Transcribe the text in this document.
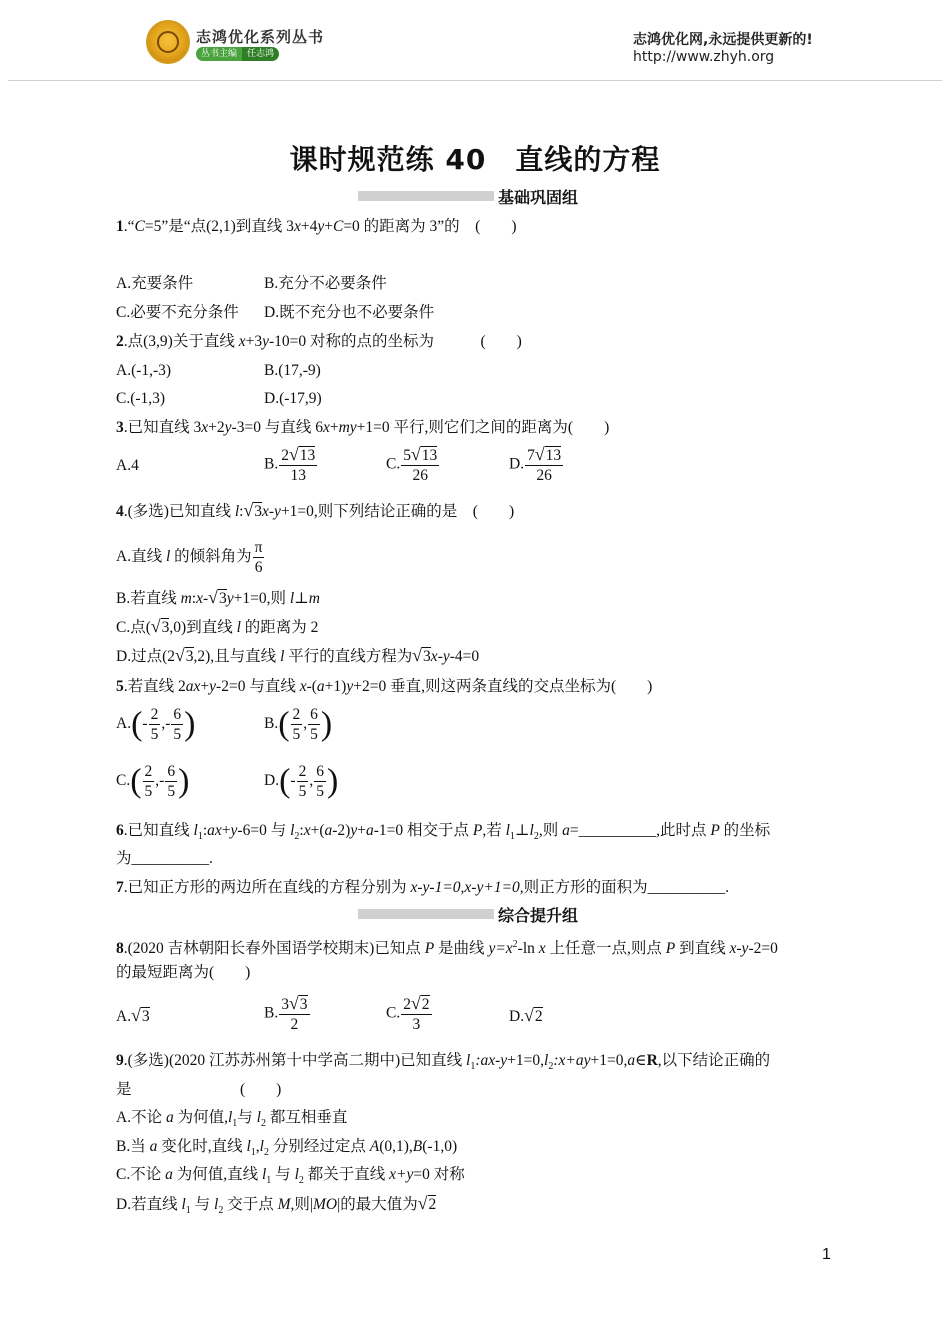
志鸿优化系列丛书
丛书主编	任志鸿
志鸿优化网,永远提供更新的!
http://www.zhyh.org
课时规范练 40　直线的方程
基础巩固组
1.“C=5”是“点(2,1)到直线 3x+4y+C=0 的距离为 3”的　(　　)
A.充要条件	B.充分不必要条件
C.必要不充分条件 D.既不充分也不必要条件
2.点(3,9)关于直线 x+3y-10=0 对称的点的坐标为　　　(　　)
A.(-1,-3)	B.(17,-9)
C.(-1,3)	D.(-17,9)
3.已知直线 3x+2y-3=0 与直线 6x+my+1=0 平行,则它们之间的距离为(　　)
A.4	B. $\frac{2√13}{13}$	C. $\frac{5√13}{26}$	D. $\frac{7√13}{26}$
4.(多选)已知直线 l:√3x-y+1=0,则下列结论正确的是　(　　)
A.直线 l 的倾斜角为 $\frac{\pi}{6}$
B.若直线 m:x-√3y+1=0,则 l⊥m
C.点(√3,0)到直线 l 的距离为 2
D.过点(2√3,2),且与直线 l 平行的直线方程为√3x-y-4=0
5.若直线 2ax+y-2=0 与直线 x-(a+1)y+2=0 垂直,则这两条直线的交点坐标为(　　)
$A.(- \frac{2}{5}$ ,- $\frac{6}{5}$ )	$B.( \frac{2}{5}$ , $\frac{6}{5}$ )
$C.( \frac{2}{5}$ ,- $\frac{6}{5}$ )	$D.(- \frac{2}{5}$ , $\frac{6}{5}$ )
6.已知直线 $l_1:ax+y-6=0$ 与 $l_2:x+(a-2)y+a-1=0$ 相交于点 P,若 $l_1\perp l_2$,则 a=__________,此时点 P 的坐标
为__________.
7.已知正方形的两边所在直线的方程分别为 x-y-1=0,x-y+1=0,则正方形的面积为__________.
综合提升组
8.(2020 吉林朝阳长春外国语学校期末)已知点 P 是曲线 $y=x^2-\ln$ x 上任意一点,则点 P 到直线 x-y-2=0
的最短距离为(　　)
A.√3	B. $\frac{3√3}{2}$	C. $\frac{2√2}{3}$	D.√2
9.(多选)(2020 江苏苏州第十中学高二期中)已知直线 $l_1:ax-y+1=0,l_2:x+ay+1=0,a\in R$,以下结论正确的
是　　　　　　　(　　)
A.不论 a 为何值$,l_1$与 $l_2$ 都互相垂直
B.当 a 变化时,直线 $l_1,l_2$ 分别经过定点 A(0,1),B(-1,0)
C.不论 a 为何值,直线 $l_1$ 与 $l_2$ 都关于直线 x+y=0 对称
D.若直线 $l_1$ 与 $l_2$ 交于点 M,则|MO|的最大值为√2
1
